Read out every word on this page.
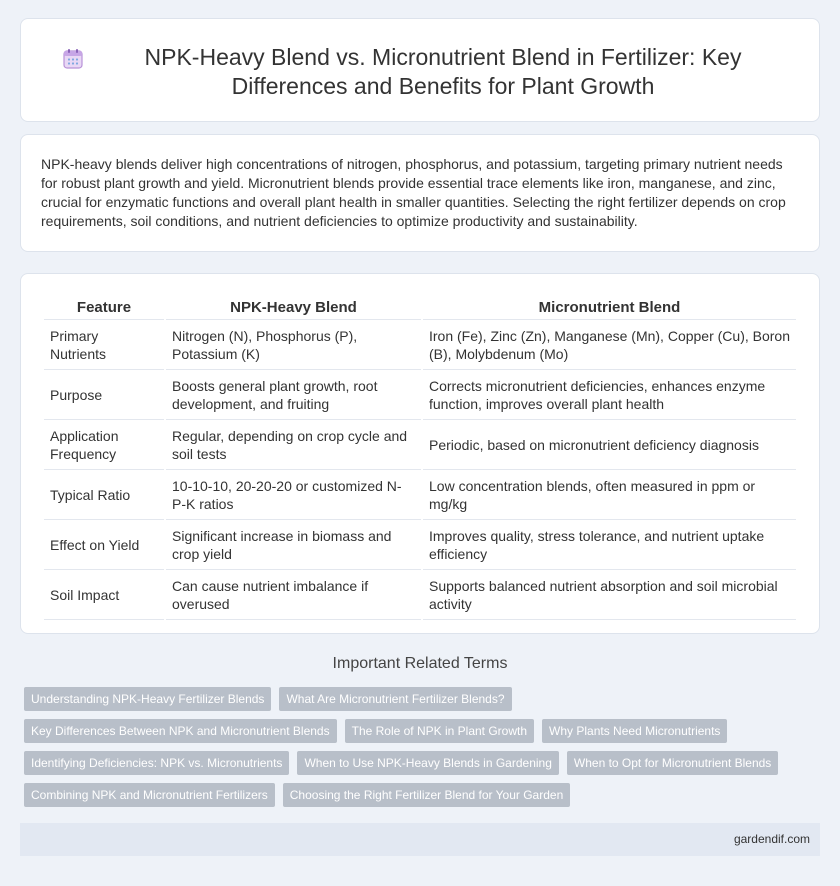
NPK-Heavy Blend vs. Micronutrient Blend in Fertilizer: Key Differences and Benefits for Plant Growth

NPK-heavy blends deliver high concentrations of nitrogen, phosphorus, and potassium, targeting primary nutrient needs for robust plant growth and yield. Micronutrient blends provide essential trace elements like iron, manganese, and zinc, crucial for enzymatic functions and overall plant health in smaller quantities. Selecting the right fertilizer depends on crop requirements, soil conditions, and nutrient deficiencies to optimize productivity and sustainability.

Feature	NPK-Heavy Blend	Micronutrient Blend
Primary Nutrients	Nitrogen (N), Phosphorus (P), Potassium (K)	Iron (Fe), Zinc (Zn), Manganese (Mn), Copper (Cu), Boron (B), Molybdenum (Mo)
Purpose	Boosts general plant growth, root development, and fruiting	Corrects micronutrient deficiencies, enhances enzyme function, improves overall plant health
Application Frequency	Regular, depending on crop cycle and soil tests	Periodic, based on micronutrient deficiency diagnosis
Typical Ratio	10-10-10, 20-20-20 or customized N-P-K ratios	Low concentration blends, often measured in ppm or mg/kg
Effect on Yield	Significant increase in biomass and crop yield	Improves quality, stress tolerance, and nutrient uptake efficiency
Soil Impact	Can cause nutrient imbalance if overused	Supports balanced nutrient absorption and soil microbial activity
Important Related Terms
Understanding NPK-Heavy Fertilizer Blends	What Are Micronutrient Fertilizer Blends?
Key Differences Between NPK and Micronutrient Blends	The Role of NPK in Plant Growth	Why Plants Need Micronutrients
Identifying Deficiencies: NPK vs. Micronutrients	When to Use NPK-Heavy Blends in Gardening	When to Opt for Micronutrient Blends
Combining NPK and Micronutrient Fertilizers	Choosing the Right Fertilizer Blend for Your Garden
gardendif.com
